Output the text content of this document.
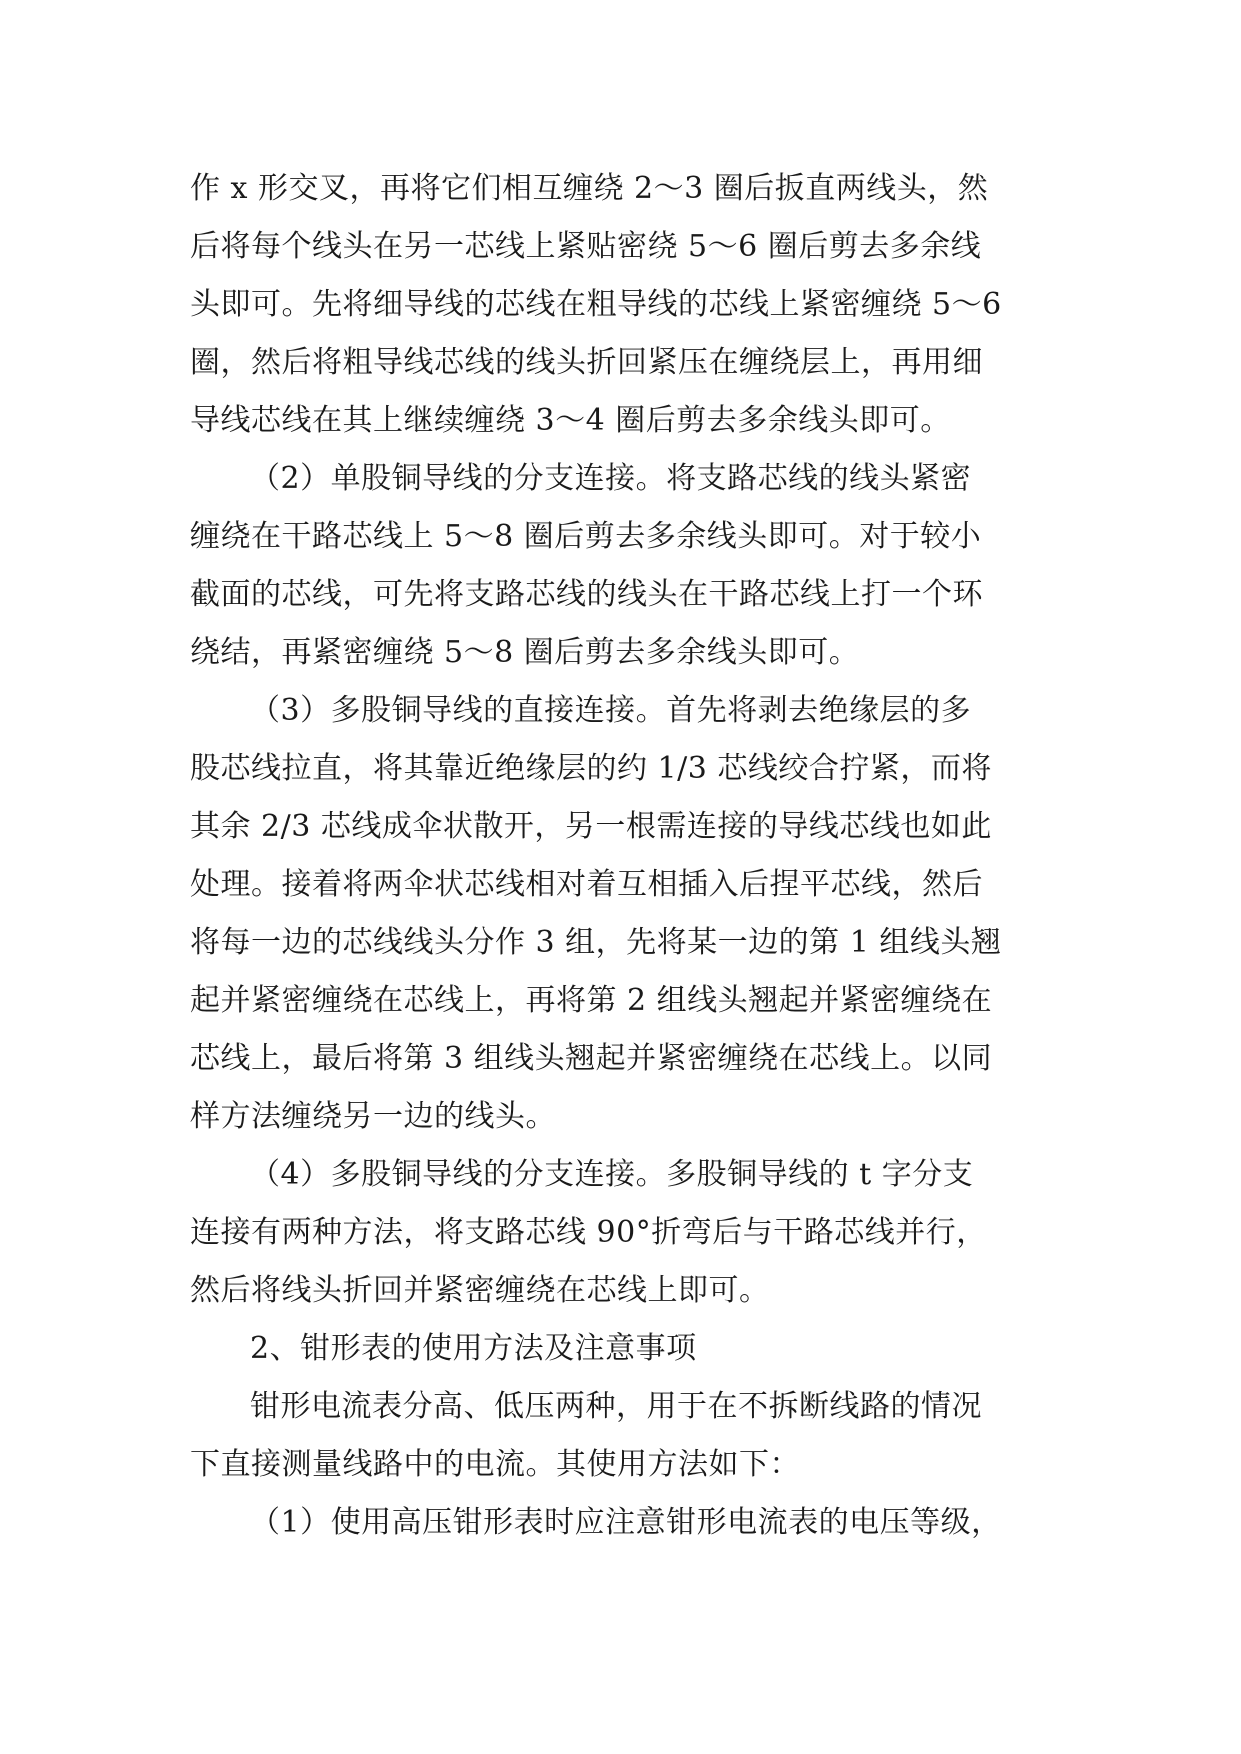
作 x 形交叉，再将它们相互缠绕 2～3 圈后扳直两线头，然
后将每个线头在另一芯线上紧贴密绕 5～6 圈后剪去多余线
头即可。先将细导线的芯线在粗导线的芯线上紧密缠绕 5～6
圈，然后将粗导线芯线的线头折回紧压在缠绕层上，再用细
导线芯线在其上继续缠绕 3～4 圈后剪去多余线头即可。
（2）单股铜导线的分支连接。将支路芯线的线头紧密
缠绕在干路芯线上 5～8 圈后剪去多余线头即可。对于较小
截面的芯线，可先将支路芯线的线头在干路芯线上打一个环
绕结，再紧密缠绕 5～8 圈后剪去多余线头即可。
（3）多股铜导线的直接连接。首先将剥去绝缘层的多
股芯线拉直，将其靠近绝缘层的约 1/3 芯线绞合拧紧，而将
其余 2/3 芯线成伞状散开，另一根需连接的导线芯线也如此
处理。接着将两伞状芯线相对着互相插入后捏平芯线，然后
将每一边的芯线线头分作 3 组，先将某一边的第 1 组线头翘
起并紧密缠绕在芯线上，再将第 2 组线头翘起并紧密缠绕在
芯线上，最后将第 3 组线头翘起并紧密缠绕在芯线上。以同
样方法缠绕另一边的线头。
（4）多股铜导线的分支连接。多股铜导线的 t 字分支
连接有两种方法，将支路芯线 90°折弯后与干路芯线并行，
然后将线头折回并紧密缠绕在芯线上即可。
2、钳形表的使用方法及注意事项
钳形电流表分高、低压两种，用于在不拆断线路的情况
下直接测量线路中的电流。其使用方法如下：
（1）使用高压钳形表时应注意钳形电流表的电压等级，
